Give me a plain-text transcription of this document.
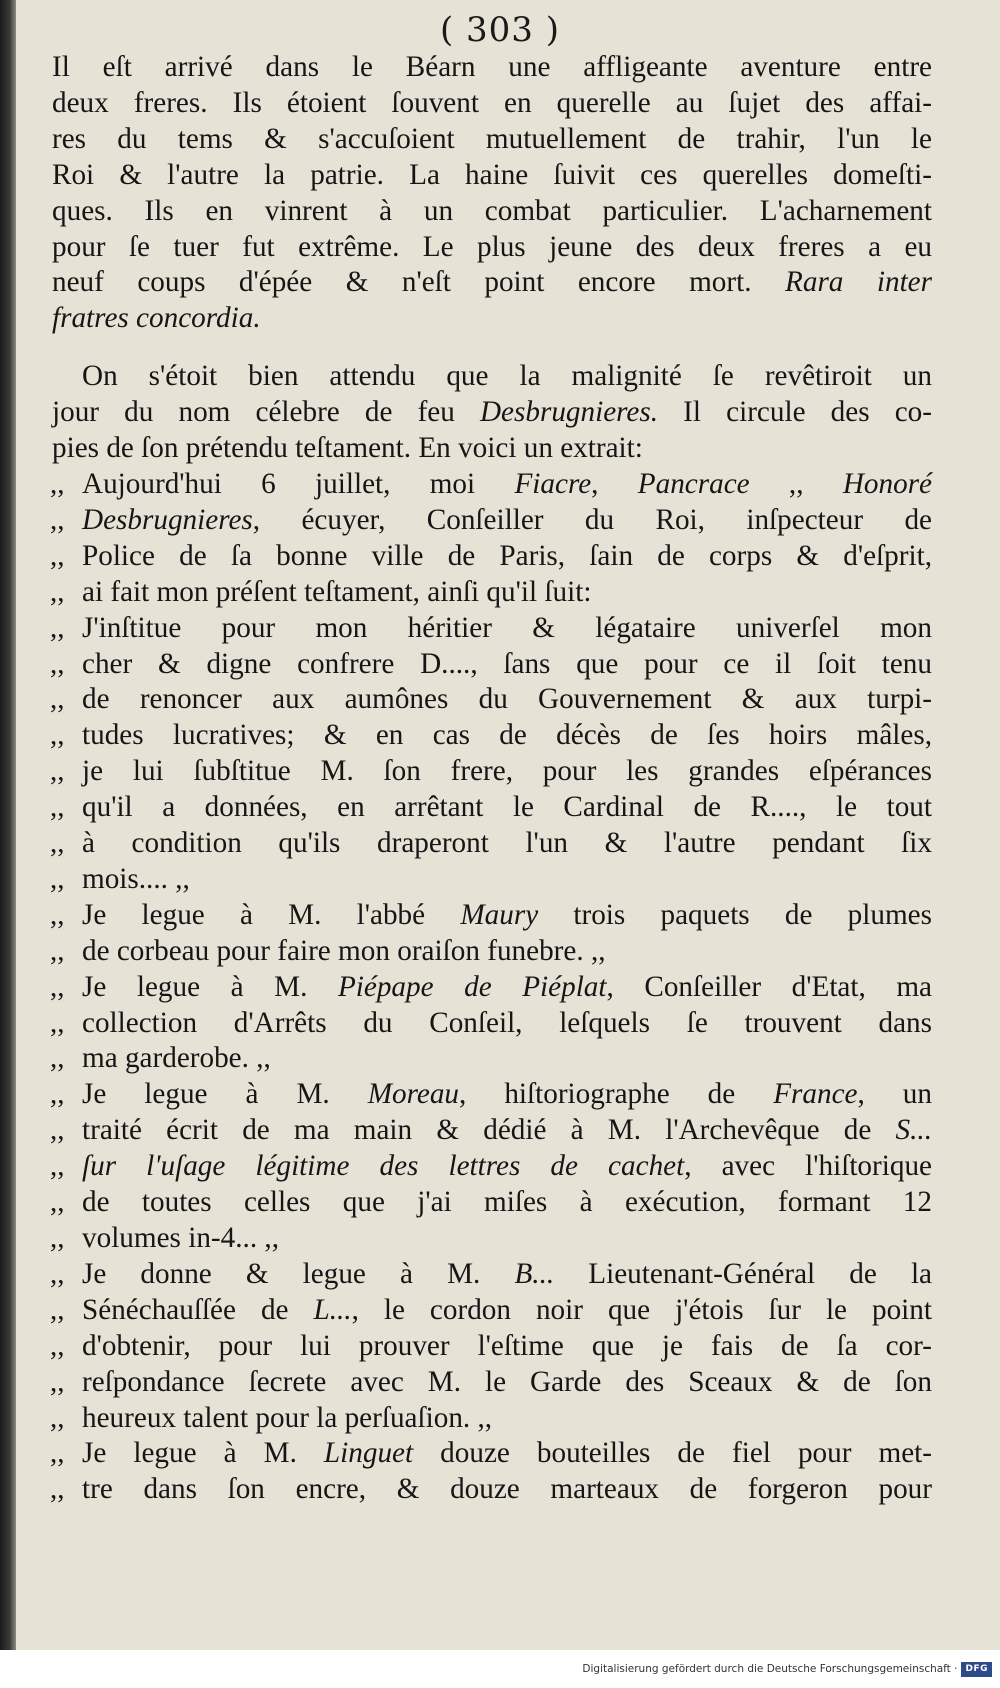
( 303 )
Il eſt arrivé dans le Béarn une affligeante aventure entre
deux freres. Ils étoient ſouvent en querelle au ſujet des affai-
res du tems & s'accuſoient mutuellement de trahir, l'un le
Roi & l'autre la patrie. La haine ſuivit ces querelles domeſti-
ques. Ils en vinrent à un combat particulier. L'acharnement
pour ſe tuer fut extrême. Le plus jeune des deux freres a eu
neuf coups d'épée & n'eſt point encore mort. Rara inter
fratres concordia.
On s'étoit bien attendu que la malignité ſe revêtiroit un
jour du nom célebre de feu Desbrugnieres. Il circule des co-
pies de ſon prétendu teſtament. En voici un extrait:
,, Aujourd'hui 6 juillet, moi Fiacre, Pancrace ,, Honoré
,, Desbrugnieres, écuyer, Conſeiller du Roi, inſpecteur de
,, Police de ſa bonne ville de Paris, ſain de corps & d'eſprit,
,, ai fait mon préſent teſtament, ainſi qu'il ſuit:
,, J'inſtitue pour mon héritier & légataire univerſel mon
,, cher & digne confrere D...., ſans que pour ce il ſoit tenu
,, de renoncer aux aumônes du Gouvernement & aux turpi-
,, tudes lucratives; & en cas de décès de ſes hoirs mâles,
,, je lui ſubſtitue M. ſon frere, pour les grandes eſpérances
,, qu'il a données, en arrêtant le Cardinal de R...., le tout
,, à condition qu'ils draperont l'un & l'autre pendant ſix
,, mois.... ,,
,, Je legue à M. l'abbé Maury trois paquets de plumes
,, de corbeau pour faire mon oraiſon funebre. ,,
,, Je legue à M. Piépape de Piéplat, Conſeiller d'Etat, ma
,, collection d'Arrêts du Conſeil, leſquels ſe trouvent dans
,, ma garderobe. ,,
,, Je legue à M. Moreau, hiſtoriographe de France, un
,, traité écrit de ma main & dédié à M. l'Archevêque de S...
,, ſur l'uſage légitime des lettres de cachet, avec l'hiſtorique
,, de toutes celles que j'ai miſes à exécution, formant 12
,, volumes in-4... ,,
,, Je donne & legue à M. B... Lieutenant-Général de la
,, Sénéchauſſée de L..., le cordon noir que j'étois ſur le point
,, d'obtenir, pour lui prouver l'eſtime que je fais de ſa cor-
,, reſpondance ſecrete avec M. le Garde des Sceaux & de ſon
,, heureux talent pour la perſuaſion. ,,
,, Je legue à M. Linguet douze bouteilles de fiel pour met-
,, tre dans ſon encre, & douze marteaux de forgeron pour
Digitalisierung gefördert durch die Deutsche Forschungsgemeinschaft · DFG
